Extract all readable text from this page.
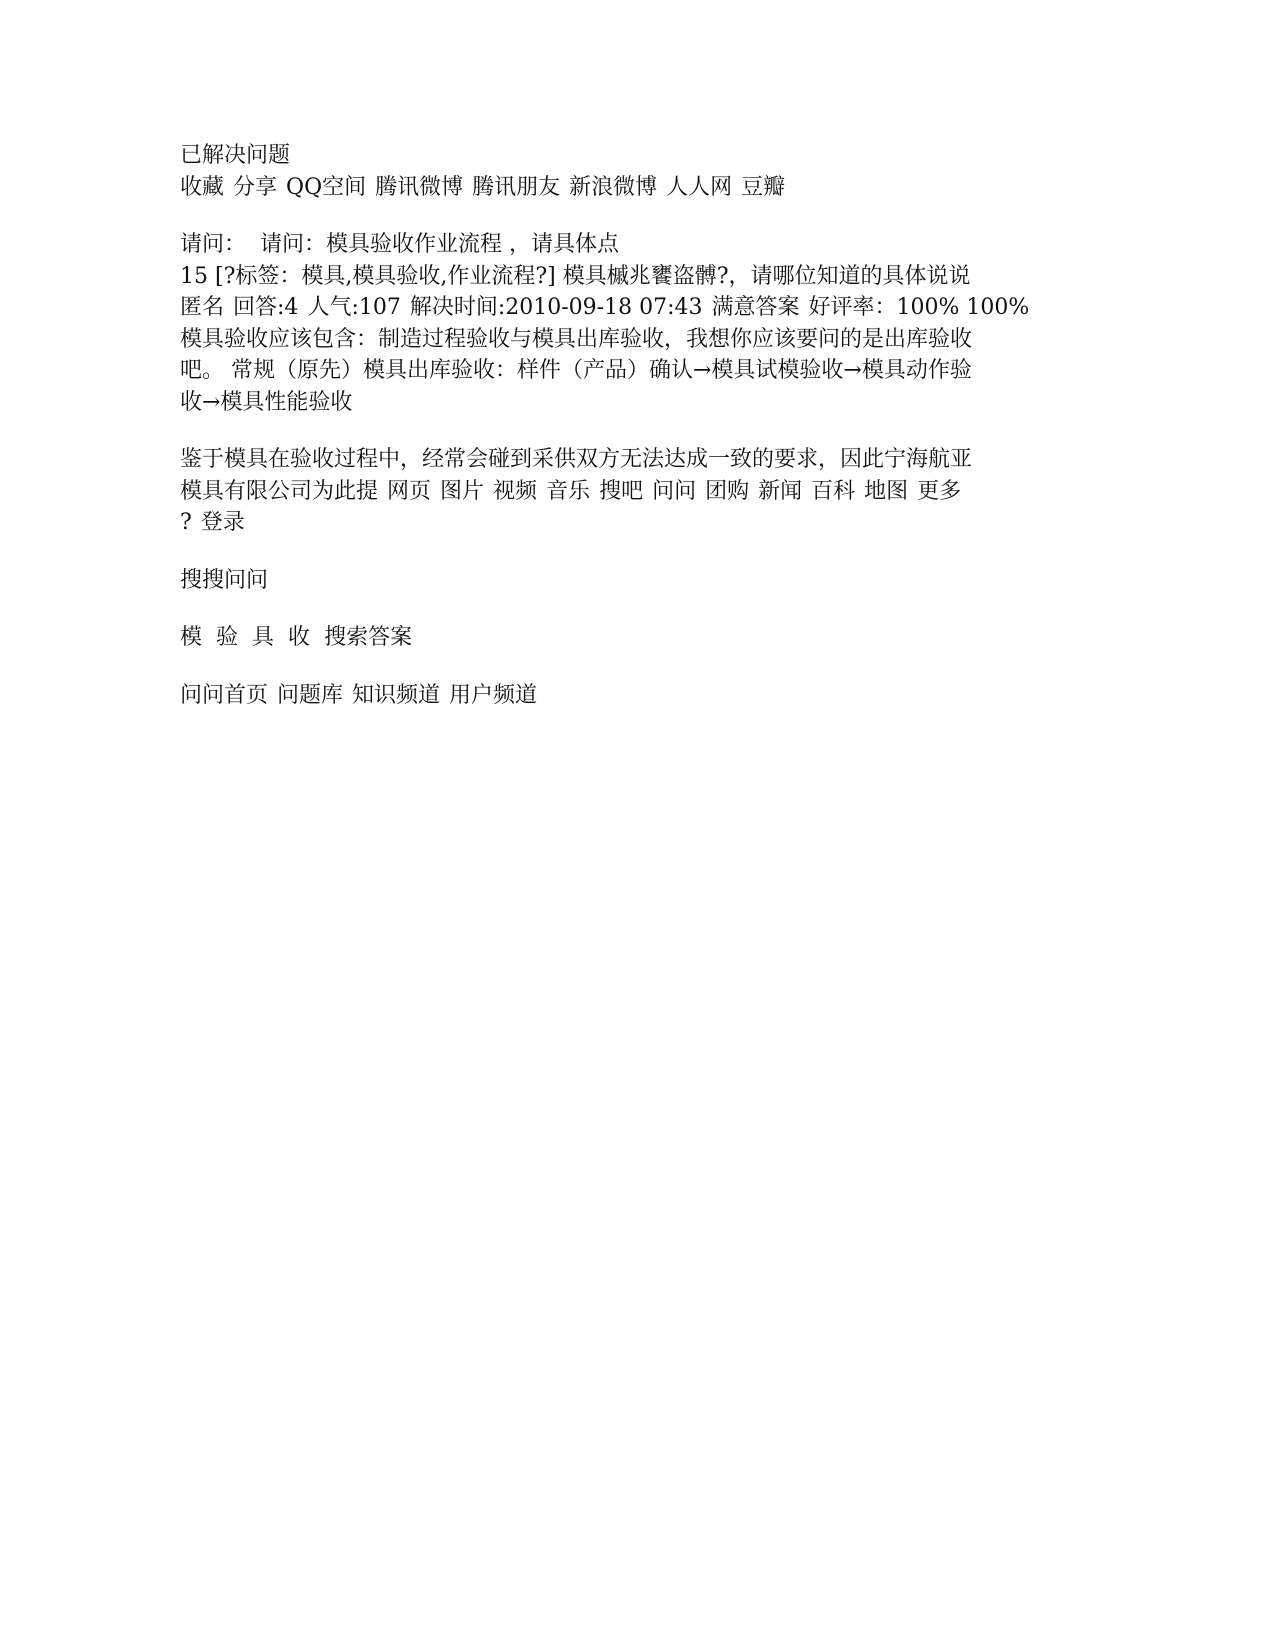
已解决问题
收藏 分享 QQ空间 腾讯微博 腾讯朋友 新浪微博 人人网 豆瓣
请问： 请问：模具验收作业流程 ，请具体点
15 [?标签：模具,模具验收,作业流程?] 模具槭兆饔盗髆?，请哪位知道的具体说说
匿名 回答:4 人气:107 解决时间:2010-09-18 07:43 满意答案 好评率：100% 100%
模具验收应该包含：制造过程验收与模具出库验收，我想你应该要问的是出库验收
吧。 常规（原先）模具出库验收：样件（产品）确认→模具试模验收→模具动作验
收→模具性能验收
鉴于模具在验收过程中，经常会碰到采供双方无法达成一致的要求，因此宁海航亚
模具有限公司为此提 网页 图片 视频 音乐 搜吧 问问 团购 新闻 百科 地图 更多
? 登录
搜搜问问
模 验 具 收 搜索答案
问问首页 问题库 知识频道 用户频道
